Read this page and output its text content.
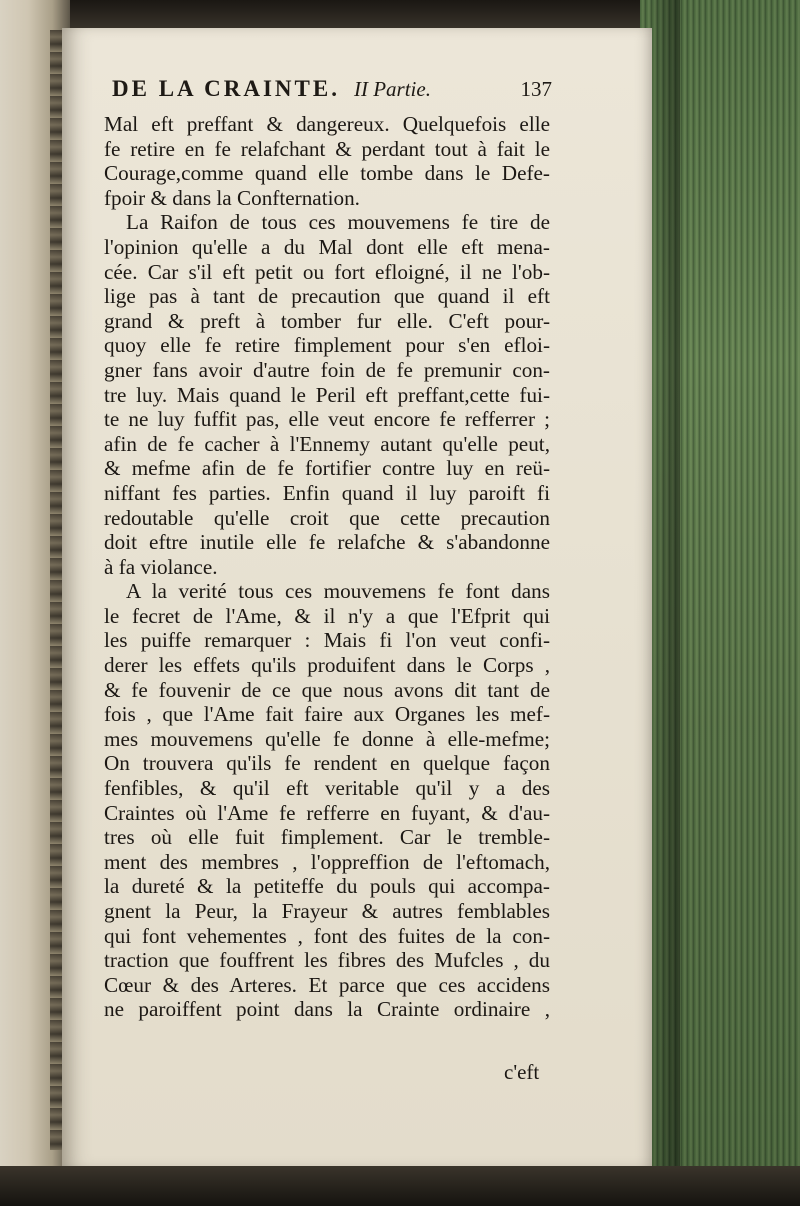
DE LA CRAINTE. II Partie.	137
Mal eft preffant & dangereux. Quelquefois elle
fe retire en fe relafchant & perdant tout à fait le
Courage,comme quand elle tombe dans le Defe-
fpoir & dans la Confternation.
La Raifon de tous ces mouvemens fe tire de
l'opinion qu'elle a du Mal dont elle eft mena-
cée. Car s'il eft petit ou fort efloigné, il ne l'ob-
lige pas à tant de precaution que quand il eft
grand & preft à tomber fur elle. C'eft pour-
quoy elle fe retire fimplement pour s'en efloi-
gner fans avoir d'autre foin de fe premunir con-
tre luy. Mais quand le Peril eft preffant,cette fui-
te ne luy fuffit pas, elle veut encore fe refferrer ;
afin de fe cacher à l'Ennemy autant qu'elle peut,
& mefme afin de fe fortifier contre luy en reü-
niffant fes parties. Enfin quand il luy paroift fi
redoutable qu'elle croit que cette precaution
doit eftre inutile elle fe relafche & s'abandonne
à fa violance.
A la verité tous ces mouvemens fe font dans
le fecret de l'Ame, & il n'y a que l'Efprit qui
les puiffe remarquer : Mais fi l'on veut confi-
derer les effets qu'ils produifent dans le Corps ,
& fe fouvenir de ce que nous avons dit tant de
fois , que l'Ame fait faire aux Organes les mef-
mes mouvemens qu'elle fe donne à elle-mefme;
On trouvera qu'ils fe rendent en quelque façon
fenfibles, & qu'il eft veritable qu'il y a des
Craintes où l'Ame fe refferre en fuyant, & d'au-
tres où elle fuit fimplement. Car le tremble-
ment des membres , l'oppreffion de l'eftomach,
la dureté & la petiteffe du pouls qui accompa-
gnent la Peur, la Frayeur & autres femblables
qui font vehementes , font des fuites de la con-
traction que fouffrent les fibres des Mufcles , du
Cœur & des Arteres. Et parce que ces accidens
ne paroiffent point dans la Crainte ordinaire ,
c'eft
